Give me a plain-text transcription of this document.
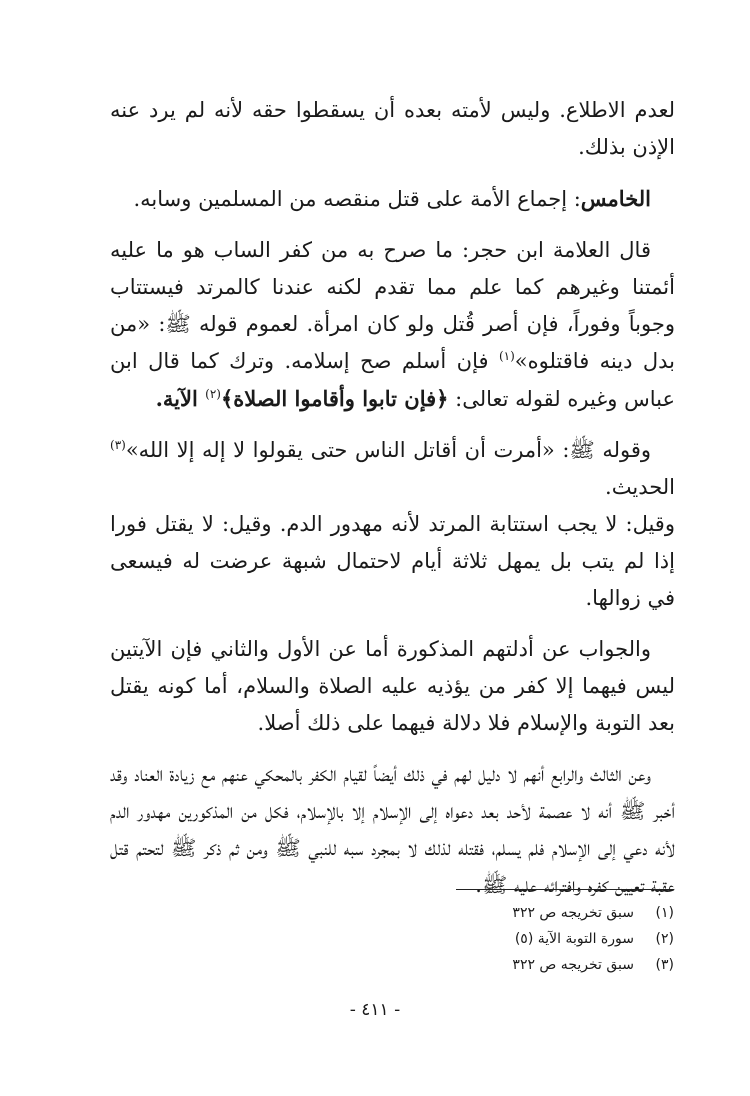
لعدم الاطلاع. وليس لأمته بعده أن يسقطوا حقه لأنه لم يرد عنه الإذن بذلك.

الخامس: إجماع الأمة على قتل منقصه من المسلمين وسابه.

قال العلامة ابن حجر: ما صرح به من كفر الساب هو ما عليه أئمتنا وغيرهم كما علم مما تقدم لكنه عندنا كالمرتد فيستتاب وجوباً وفوراً، فإن أصر قُتل ولو كان امرأة. لعموم قوله ﷺ: «من بدل دينه فاقتلوه»$^{(١)}$ فإن أسلم صح إسلامه. وترك كما قال ابن عباس وغيره لقوله تعالى: ﴿فإن تابوا وأقاموا الصلاة﴾$^{(٢)}$ الآية.

وقوله ﷺ: «أمرت أن أقاتل الناس حتى يقولوا لا إله إلا الله»$^{(٣)}$ الحديث.

وقيل: لا يجب استتابة المرتد لأنه مهدور الدم. وقيل: لا يقتل فورا إذا لم يتب بل يمهل ثلاثة أيام لاحتمال شبهة عرضت له فيسعى في زوالها.

والجواب عن أدلتهم المذكورة أما عن الأول والثاني فإن الآيتين ليس فيهما إلا كفر من يؤذيه عليه الصلاة والسلام، أما كونه يقتل بعد التوبة والإسلام فلا دلالة فيهما على ذلك أصلا.

وعن الثالث والرابع أنهم لا دليل لهم في ذلك أيضاً لقيام الكفر بالمحكي عنهم مع زيادة العناد وقد أخبر ﷺ أنه لا عصمة لأحد بعد دعواه إلى الإسلام إلا بالإسلام، فكل من المذكورين مهدور الدم لأنه دعي إلى الإسلام فلم يسلم، فقتله لذلك لا بمجرد سبه للنبي ﷺ ومن ثم ذكر ﷺ لتحتم قتل عقبة تعيين كفره وافترائه عليه ﷺ.

(١)سبق تخريجه ص ٣٢٢
(٢)سورة التوبة الآية (٥)
(٣)سبق تخريجه ص ٣٢٢
- ٤١١ -
